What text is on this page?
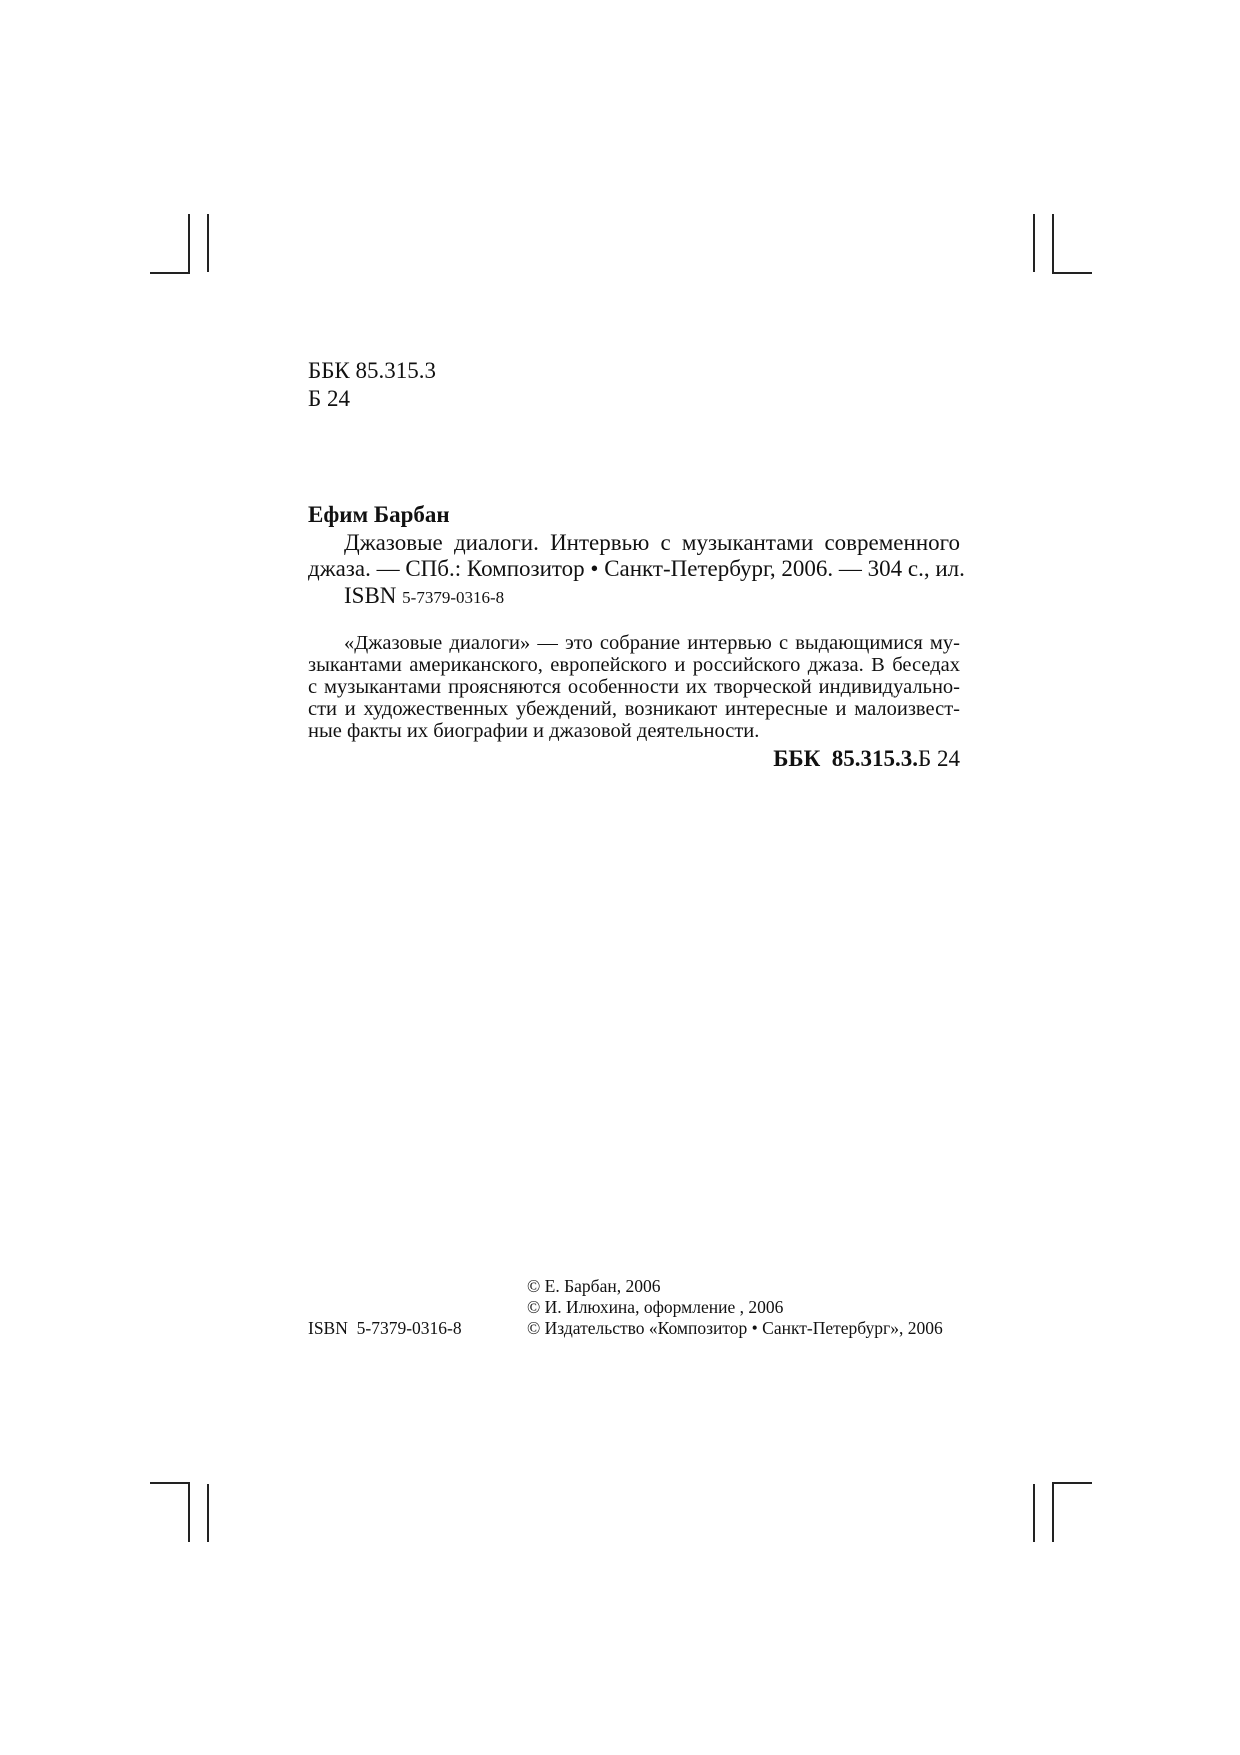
ББК 85.315.3
Б 24
Ефим Барбан
Джазовые диалоги. Интервью с музыкантами современного
джаза. — СПб.: Композитор • Санкт-Петербург, 2006. — 304 с., ил.
ISBN 5-7379-0316-8
«Джазовые диалоги» — это собрание интервью с выдающимися му-
зыкантами американского, европейского и российского джаза. В беседах
с музыкантами проясняются особенности их творческой индивидуально-
сти и художественных убеждений, возникают интересные и малоизвест-
ные факты их биографии и джазовой деятельности.
ББК  85.315.3.Б 24
© Е. Барбан, 2006
© И. Илюхина, оформление , 2006
© Издательство «Композитор • Санкт-Петербург», 2006
ISBN  5-7379-0316-8
